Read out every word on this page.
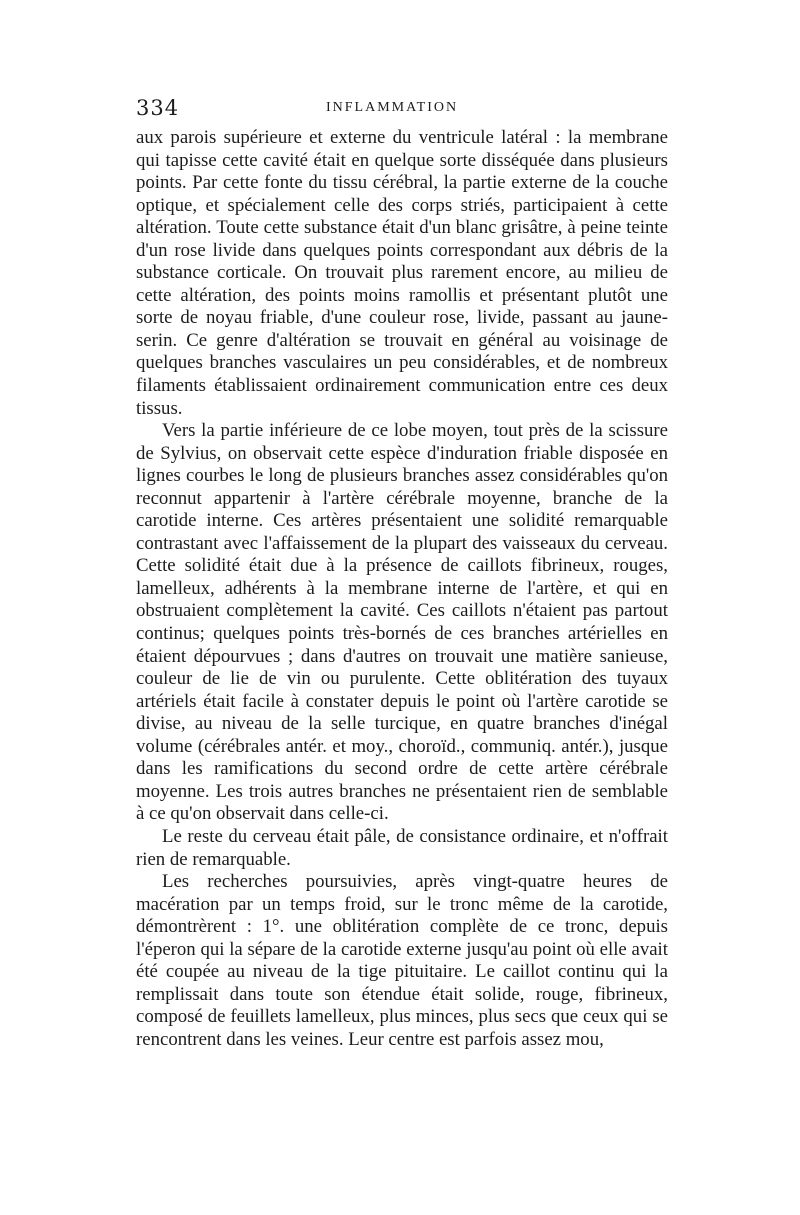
334	INFLAMMATION

aux parois supérieure et externe du ventricule latéral : la membrane qui tapisse cette cavité était en quelque sorte disséquée dans plusieurs points. Par cette fonte du tissu cérébral, la partie externe de la couche optique, et spécialement celle des corps striés, participaient à cette altération. Toute cette substance était d'un blanc grisâtre, à peine teinte d'un rose livide dans quelques points correspondant aux débris de la substance corticale. On trouvait plus rarement encore, au milieu de cette altération, des points moins ramollis et présentant plutôt une sorte de noyau friable, d'une couleur rose, livide, passant au jaune-serin. Ce genre d'altération se trouvait en général au voisinage de quelques branches vasculaires un peu considérables, et de nombreux filaments établissaient ordinairement communication entre ces deux tissus.

Vers la partie inférieure de ce lobe moyen, tout près de la scissure de Sylvius, on observait cette espèce d'induration friable disposée en lignes courbes le long de plusieurs branches assez considérables qu'on reconnut appartenir à l'artère cérébrale moyenne, branche de la carotide interne. Ces artères présentaient une solidité remarquable contrastant avec l'affaissement de la plupart des vaisseaux du cerveau. Cette solidité était due à la présence de caillots fibrineux, rouges, lamelleux, adhérents à la membrane interne de l'artère, et qui en obstruaient complètement la cavité. Ces caillots n'étaient pas partout continus; quelques points très-bornés de ces branches artérielles en étaient dépourvues ; dans d'autres on trouvait une matière sanieuse, couleur de lie de vin ou purulente. Cette oblitération des tuyaux artériels était facile à constater depuis le point où l'artère carotide se divise, au niveau de la selle turcique, en quatre branches d'inégal volume (cérébrales antér. et moy., choroïd., communiq. antér.), jusque dans les ramifications du second ordre de cette artère cérébrale moyenne. Les trois autres branches ne présentaient rien de semblable à ce qu'on observait dans celle-ci.

Le reste du cerveau était pâle, de consistance ordinaire, et n'offrait rien de remarquable.

Les recherches poursuivies, après vingt-quatre heures de macération par un temps froid, sur le tronc même de la carotide, démontrèrent : 1°. une oblitération complète de ce tronc, depuis l'éperon qui la sépare de la carotide externe jusqu'au point où elle avait été coupée au niveau de la tige pituitaire. Le caillot continu qui la remplissait dans toute son étendue était solide, rouge, fibrineux, composé de feuillets lamelleux, plus minces, plus secs que ceux qui se rencontrent dans les veines. Leur centre est parfois assez mou,
